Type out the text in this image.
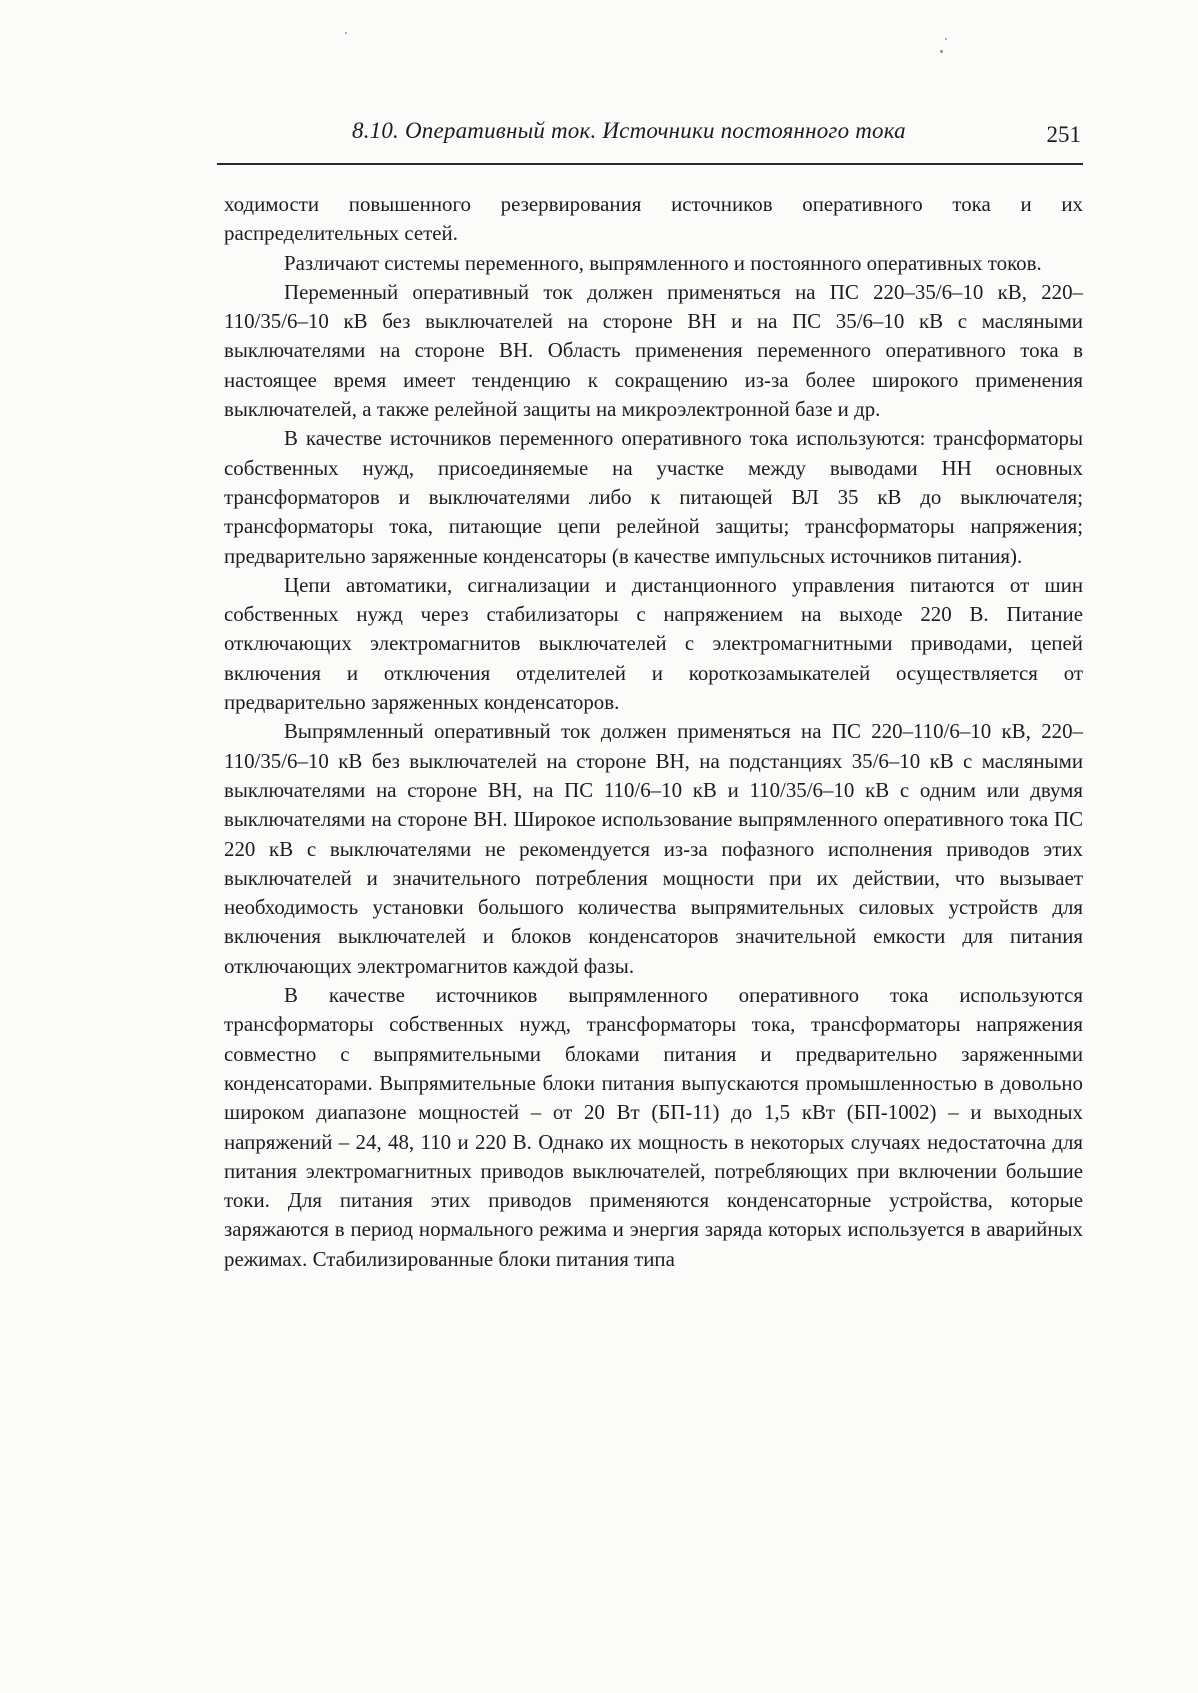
8.10. Оперативный ток. Источники постоянного тока	251

ходимости повышенного резервирования источников оперативного тока и их распределительных сетей.

Различают системы переменного, выпрямленного и постоянного оперативных токов.

Переменный оперативный ток должен применяться на ПС 220–35/6–10 кВ, 220–110/35/6–10 кВ без выключателей на стороне ВН и на ПС 35/6–10 кВ с масляными выключателями на стороне ВН. Область применения переменного оперативного тока в настоящее время имеет тенденцию к сокращению из-за более широкого применения выключателей, а также релейной защиты на микроэлектронной базе и др.

В качестве источников переменного оперативного тока используются: трансформаторы собственных нужд, присоединяемые на участке между выводами НН основных трансформаторов и выключателями либо к питающей ВЛ 35 кВ до выключателя; трансформаторы тока, питающие цепи релейной защиты; трансформаторы напряжения; предварительно заряженные конденсаторы (в качестве импульсных источников питания).

Цепи автоматики, сигнализации и дистанционного управления питаются от шин собственных нужд через стабилизаторы с напряжением на выходе 220 В. Питание отключающих электромагнитов выключателей с электромагнитными приводами, цепей включения и отключения отделителей и короткозамыкателей осуществляется от предварительно заряженных конденсаторов.

Выпрямленный оперативный ток должен применяться на ПС 220–110/6–10 кВ, 220–110/35/6–10 кВ без выключателей на стороне ВН, на подстанциях 35/6–10 кВ с масляными выключателями на стороне ВН, на ПС 110/6–10 кВ и 110/35/6–10 кВ с одним или двумя выключателями на стороне ВН. Широкое использование выпрямленного оперативного тока ПС 220 кВ с выключателями не рекомендуется из-за пофазного исполнения приводов этих выключателей и значительного потребления мощности при их действии, что вызывает необходимость установки большого количества выпрямительных силовых устройств для включения выключателей и блоков конденсаторов значительной емкости для питания отключающих электромагнитов каждой фазы.

В качестве источников выпрямленного оперативного тока используются трансформаторы собственных нужд, трансформаторы тока, трансформаторы напряжения совместно с выпрямительными блоками питания и предварительно заряженными конденсаторами. Выпрямительные блоки питания выпускаются промышленностью в довольно широком диапазоне мощностей – от 20 Вт (БП-11) до 1,5 кВт (БП-1002) – и выходных напряжений – 24, 48, 110 и 220 В. Однако их мощность в некоторых случаях недостаточна для питания электромагнитных приводов выключателей, потребляющих при включении большие токи. Для питания этих приводов применяются конденсаторные устройства, которые заряжаются в период нормального режима и энергия заряда которых используется в аварийных режимах. Стабилизированные блоки питания типа
